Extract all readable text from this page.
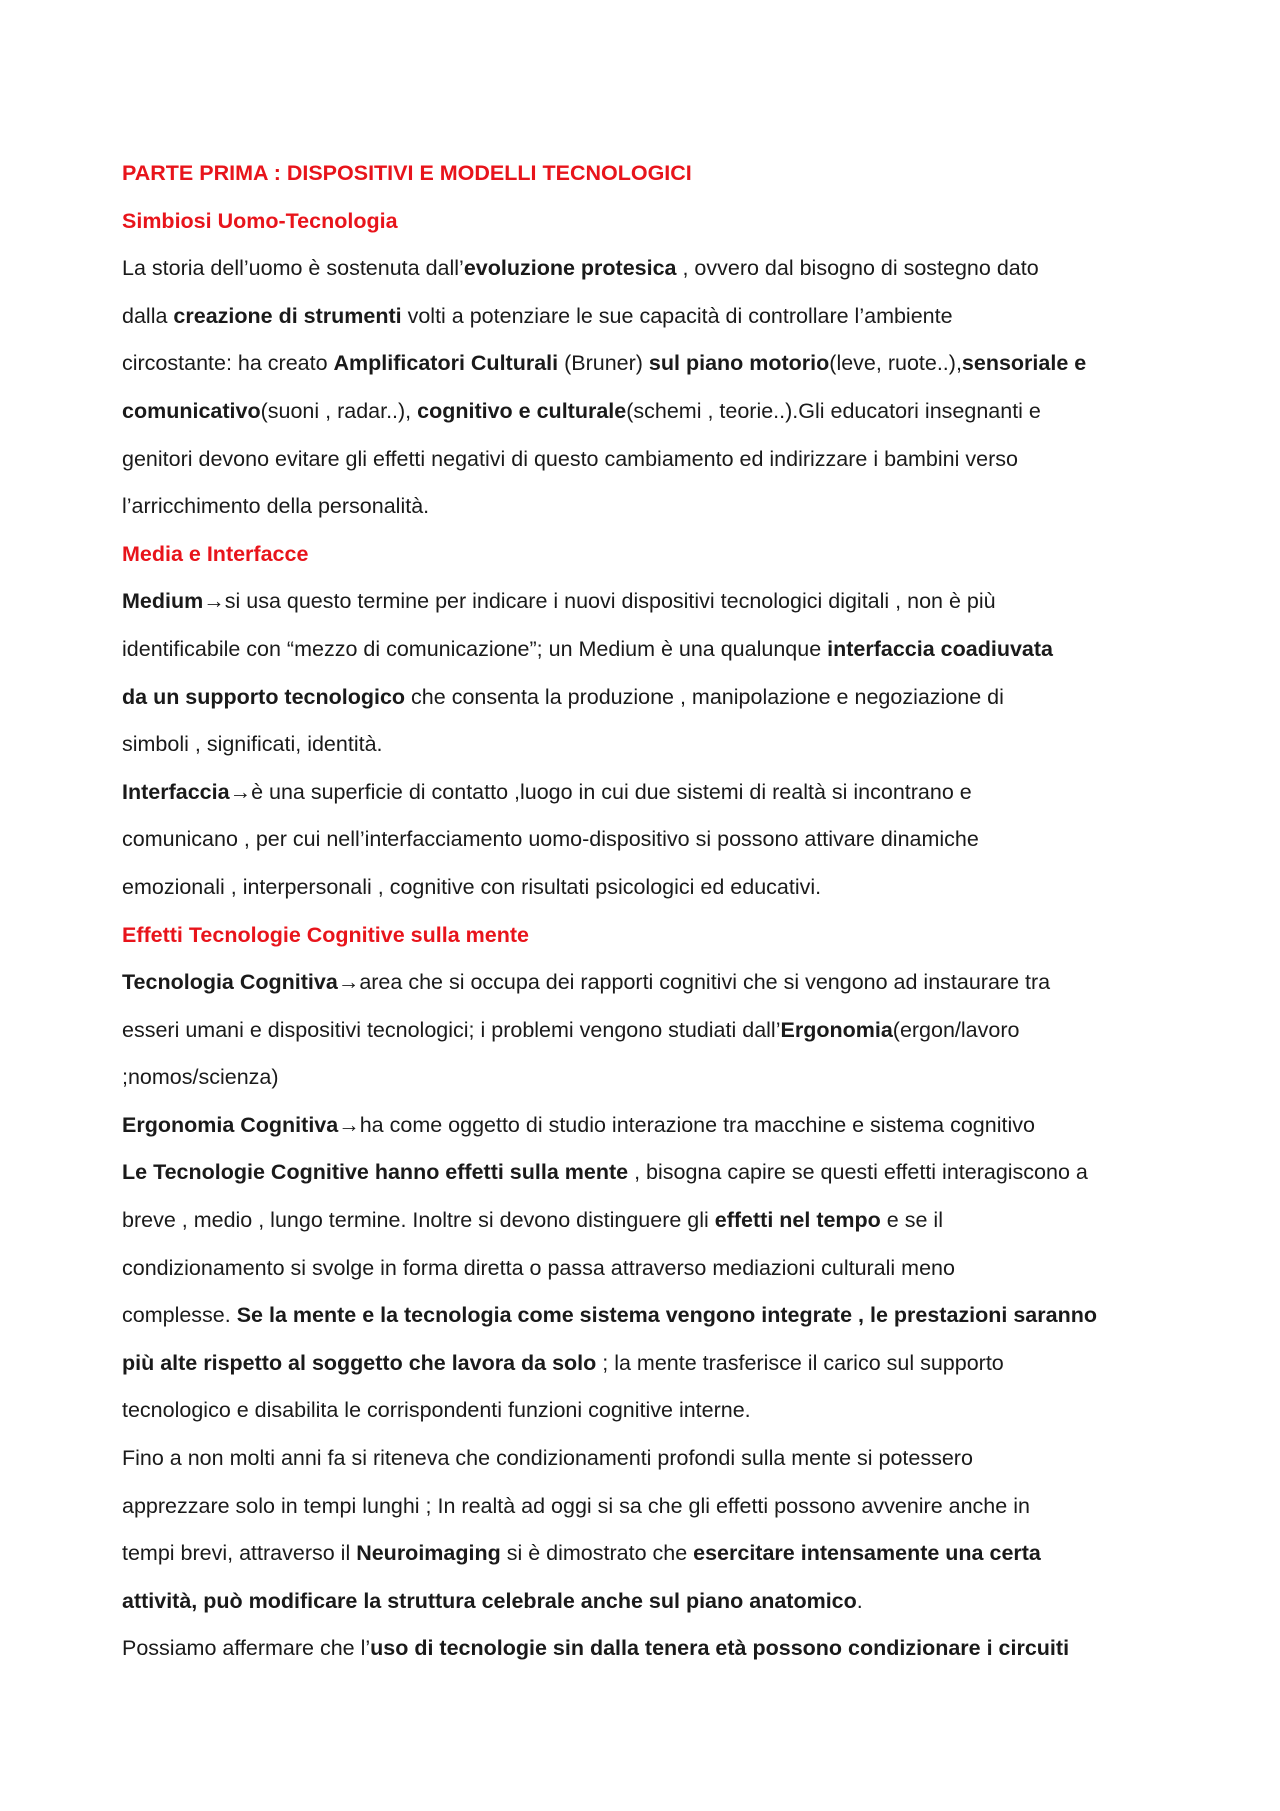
PARTE PRIMA : DISPOSITIVI E MODELLI TECNOLOGICI
Simbiosi Uomo-Tecnologia
La storia dell’uomo è sostenuta dall’evoluzione protesica , ovvero dal bisogno di sostegno dato
dalla creazione di strumenti volti a potenziare le sue capacità di controllare l’ambiente
circostante: ha creato Amplificatori Culturali (Bruner) sul piano motorio(leve, ruote..),sensoriale e
comunicativo(suoni , radar..), cognitivo e culturale(schemi , teorie..).Gli educatori insegnanti e
genitori devono evitare gli effetti negativi di questo cambiamento ed indirizzare i bambini verso
l’arricchimento della personalità.
Media e Interfacce
Medium→si usa questo termine per indicare i nuovi dispositivi tecnologici digitali , non è più
identificabile con “mezzo di comunicazione”; un Medium è una qualunque interfaccia coadiuvata
da un supporto tecnologico che consenta la produzione , manipolazione e negoziazione di
simboli , significati, identità.
Interfaccia→è una superficie di contatto ,luogo in cui due sistemi di realtà si incontrano e
comunicano , per cui nell’interfacciamento uomo-dispositivo si possono attivare dinamiche
emozionali , interpersonali , cognitive con risultati psicologici ed educativi.
Effetti Tecnologie Cognitive sulla mente
Tecnologia Cognitiva→area che si occupa dei rapporti cognitivi che si vengono ad instaurare tra
esseri umani e dispositivi tecnologici; i problemi vengono studiati dall’Ergonomia(ergon/lavoro
;nomos/scienza)
Ergonomia Cognitiva→ha come oggetto di studio interazione tra macchine e sistema cognitivo
Le Tecnologie Cognitive hanno effetti sulla mente , bisogna capire se questi effetti interagiscono a
breve , medio , lungo termine. Inoltre si devono distinguere gli effetti nel tempo e se il
condizionamento si svolge in forma diretta o passa attraverso mediazioni culturali meno
complesse. Se la mente e la tecnologia come sistema vengono integrate , le prestazioni saranno
più alte rispetto al soggetto che lavora da solo ; la mente trasferisce il carico sul supporto
tecnologico e disabilita le corrispondenti funzioni cognitive interne.
Fino a non molti anni fa si riteneva che condizionamenti profondi sulla mente si potessero
apprezzare solo in tempi lunghi ; In realtà ad oggi si sa che gli effetti possono avvenire anche in
tempi brevi, attraverso il Neuroimaging si è dimostrato che esercitare intensamente una certa
attività, può modificare la struttura celebrale anche sul piano anatomico.
Possiamo affermare che l’uso di tecnologie sin dalla tenera età possono condizionare i circuiti
